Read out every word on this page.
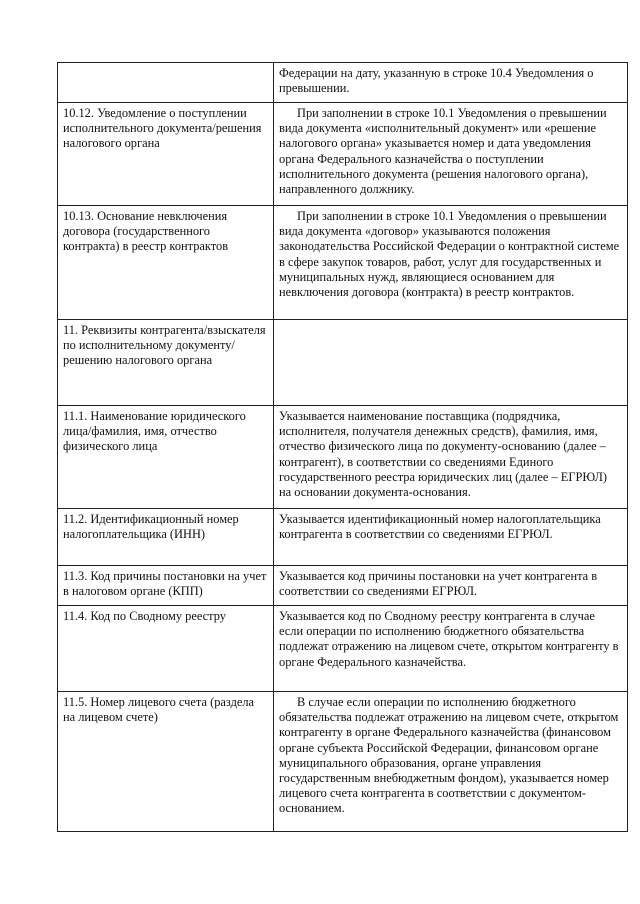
	Федерации на дату, указанную в строке 10.4 Уведомления о превышении.
10.12. Уведомление о поступлении исполнительного документа/решения налогового органа	При заполнении в строке 10.1 Уведомления о превышении вида документа «исполнительный документ» или «решение налогового органа» указывается номер и дата уведомления органа Федерального казначейства о поступлении исполнительного документа (решения налогового органа), направленного должнику.
10.13. Основание невключения договора (государственного контракта) в реестр контрактов	При заполнении в строке 10.1 Уведомления о превышении вида документа «договор» указываются положения законодательства Российской Федерации о контрактной системе в сфере закупок товаров, работ, услуг для государственных и муниципальных нужд, являющиеся основанием для невключения договора (контракта) в реестр контрактов.
11. Реквизиты контрагента/взыскателя по исполнительному документу/решению налогового органа	
11.1. Наименование юридического лица/фамилия, имя, отчество физического лица	Указывается наименование поставщика (подрядчика, исполнителя, получателя денежных средств), фамилия, имя, отчество физического лица по документу-основанию (далее – контрагент), в соответствии со сведениями Единого государственного реестра юридических лиц (далее – ЕГРЮЛ) на основании документа-основания.
11.2. Идентификационный номер налогоплательщика (ИНН)	Указывается идентификационный номер налогоплательщика контрагента в соответствии со сведениями ЕГРЮЛ.
11.3. Код причины постановки на учет в налоговом органе (КПП)	Указывается код причины постановки на учет контрагента в соответствии со сведениями ЕГРЮЛ.
11.4. Код по Сводному реестру	Указывается код по Сводному реестру контрагента в случае если операции по исполнению бюджетного обязательства подлежат отражению на лицевом счете, открытом контрагенту в органе Федерального казначейства.
11.5. Номер лицевого счета (раздела на лицевом счете)	В случае если операции по исполнению бюджетного обязательства подлежат отражению на лицевом счете, открытом контрагенту в органе Федерального казначейства (финансовом органе субъекта Российской Федерации, финансовом органе муниципального образования, органе управления государственным внебюджетным фондом), указывается номер лицевого счета контрагента в соответствии с документом-основанием.
